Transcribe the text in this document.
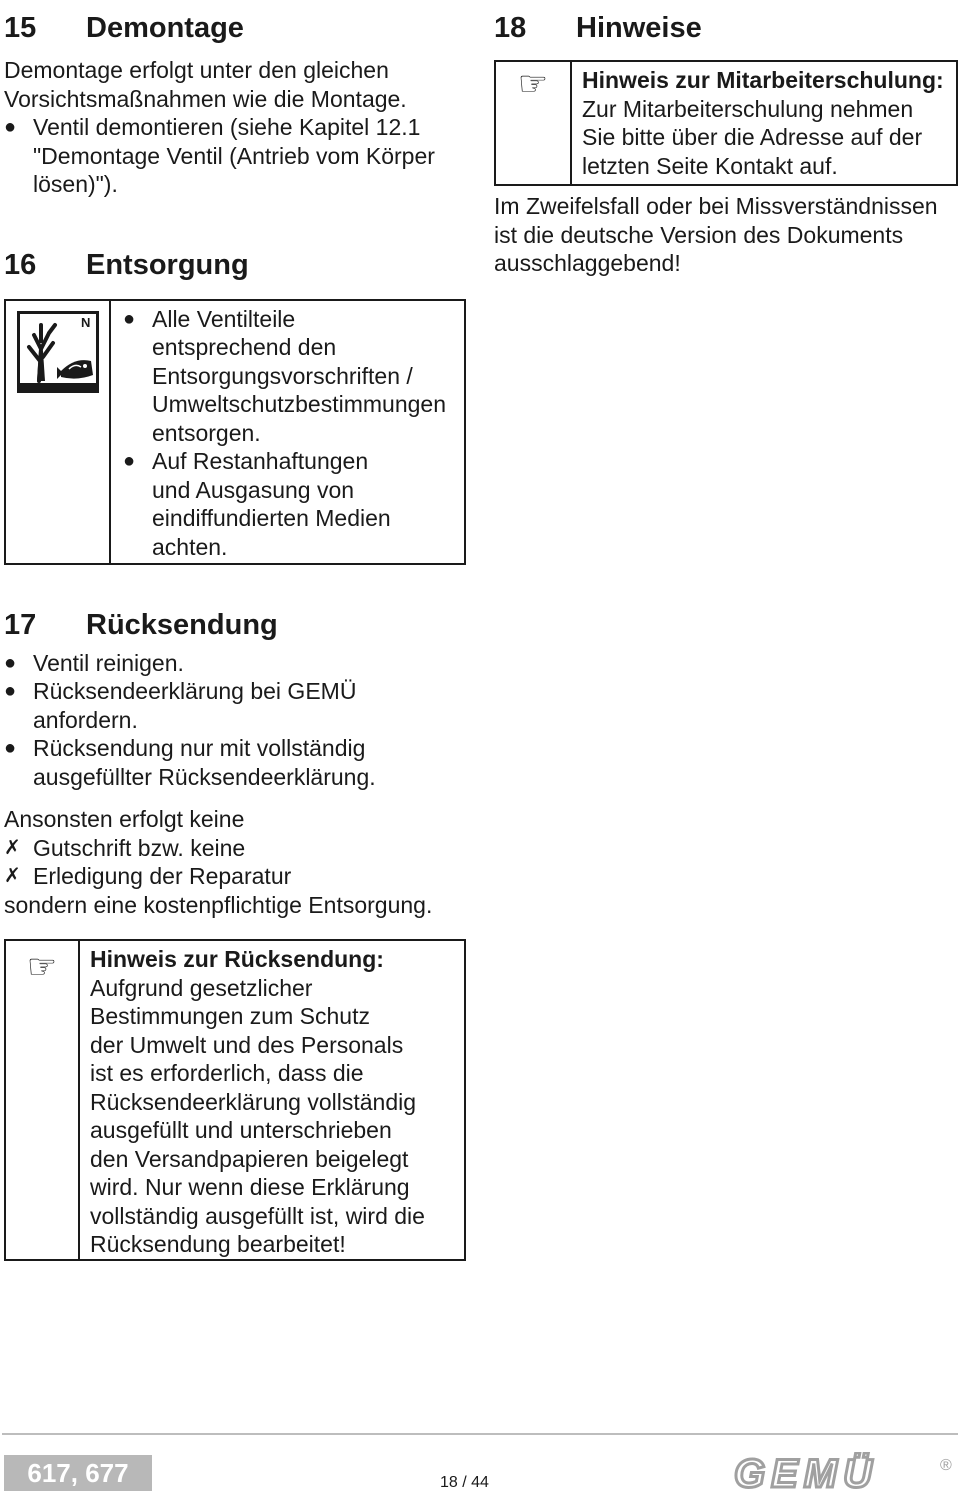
15	Demontage
Demontage erfolgt unter den gleichen
Vorsichtsmaßnahmen wie die Montage.
● Ventil demontieren (siehe Kapitel 12.1
"Demontage Ventil (Antrieb vom Körper
lösen)").
16	Entsorgung
N ● Alle Ventilteile
entsprechend den
Entsorgungsvorschriften /
Umweltschutzbestimmungen
entsorgen.
● Auf Restanhaftungen
und Ausgasung von
eindiffundierten Medien
achten.
17	Rücksendung
● Ventil reinigen.
● Rücksendeerklärung bei GEMÜ
anfordern.
● Rücksendung nur mit vollständig
ausgefüllter Rücksendeerklärung.
Ansonsten erfolgt keine
✗ Gutschrift bzw. keine
✗ Erledigung der Reparatur
sondern eine kostenpflichtige Entsorgung.
☞ Hinweis zur Rücksendung:
Aufgrund gesetzlicher
Bestimmungen zum Schutz
der Umwelt und des Personals
ist es erforderlich, dass die
Rücksendeerklärung vollständig
ausgefüllt und unterschrieben
den Versandpapieren beigelegt
wird. Nur wenn diese Erklärung
vollständig ausgefüllt ist, wird die
Rücksendung bearbeitet!
18	Hinweise
☞ Hinweis zur Mitarbeiterschulung:
Zur Mitarbeiterschulung nehmen
Sie bitte über die Adresse auf der
letzten Seite Kontakt auf.
Im Zweifelsfall oder bei Missverständnissen
ist die deutsche Version des Dokuments
ausschlaggebend!
617, 677	18 / 44	GEMÜ	®
